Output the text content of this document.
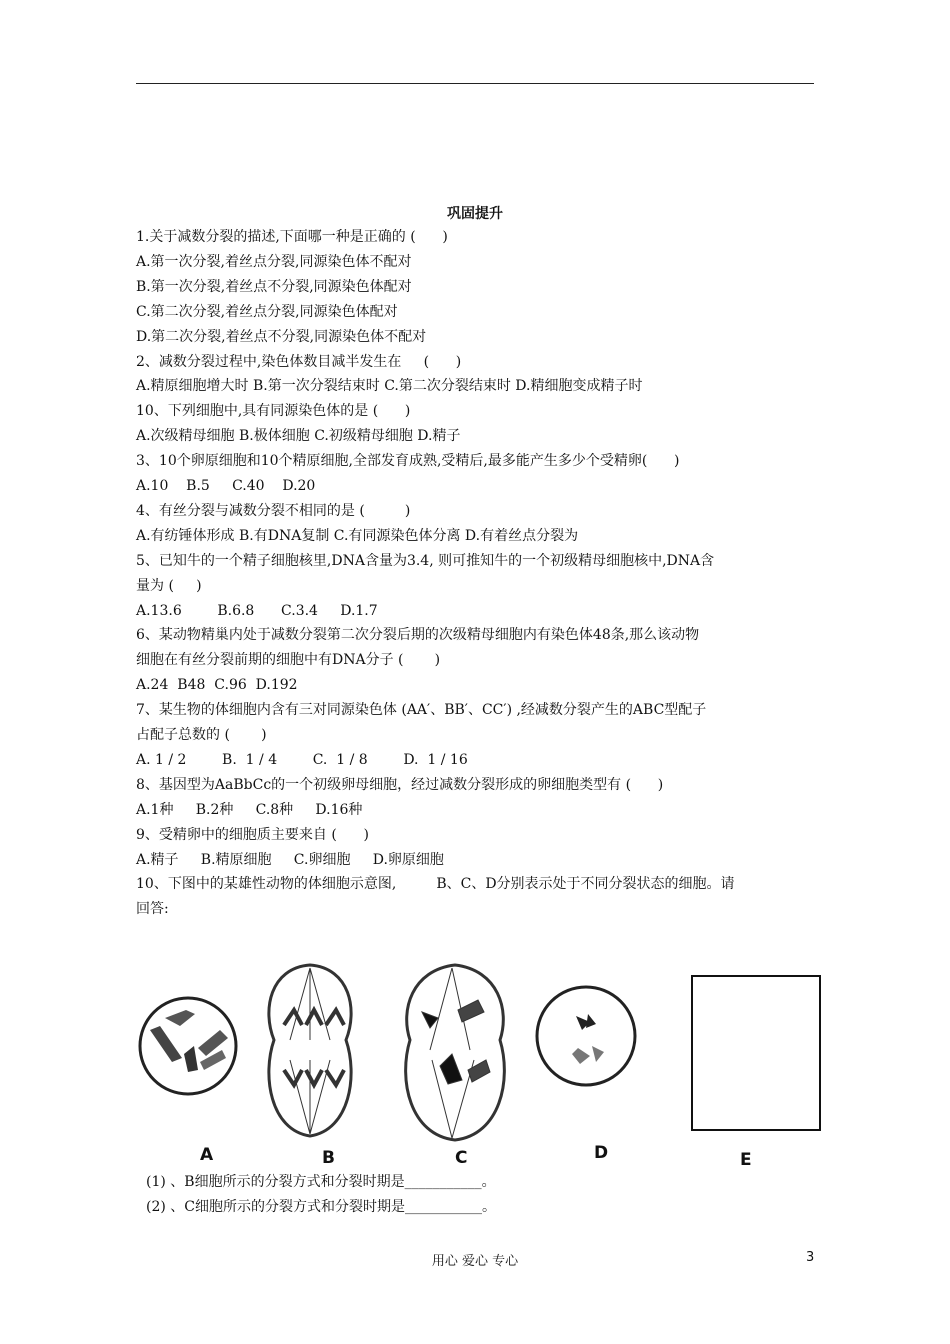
巩固提升
1.关于减数分裂的描述,下面哪一种是正确的 (      )
A.第一次分裂,着丝点分裂,同源染色体不配对
B.第一次分裂,着丝点不分裂,同源染色体配对
C.第二次分裂,着丝点分裂,同源染色体配对
D.第二次分裂,着丝点不分裂,同源染色体不配对
2、减数分裂过程中,染色体数目减半发生在     (      )
A.精原细胞增大时 B.第一次分裂结束时 C.第二次分裂结束时 D.精细胞变成精子时
10、下列细胞中,具有同源染色体的是 (      )
A.次级精母细胞 B.极体细胞 C.初级精母细胞 D.精子
3、10个卵原细胞和10个精原细胞,全部发育成熟,受精后,最多能产生多少个受精卵(      )
A.10    B.5     C.40    D.20
4、有丝分裂与减数分裂不相同的是 (         )
A.有纺锤体形成 B.有DNA复制 C.有同源染色体分离 D.有着丝点分裂为
5、已知牛的一个精子细胞核里,DNA含量为3.4, 则可推知牛的一个初级精母细胞核中,DNA含
量为 (     )
A.13.6        B.6.8      C.3.4     D.1.7
6、某动物精巢内处于减数分裂第二次分裂后期的次级精母细胞内有染色体48条,那么该动物
细胞在有丝分裂前期的细胞中有DNA分子 (       )
A.24  B48  C.96  D.192
7、某生物的体细胞内含有三对同源染色体 (AA′、BB′、CC′) ,经减数分裂产生的ABC型配子
占配子总数的 (       )
A. 1 / 2        B.  1 / 4        C.  1 / 8        D.  1 / 16
8、基因型为AaBbCc的一个初级卵母细胞，经过减数分裂形成的卵细胞类型有 (      )
A.1种     B.2种     C.8种     D.16种
9、受精卵中的细胞质主要来自 (      )
A.精子     B.精原细胞     C.卵细胞     D.卵原细胞
10、下图中的某雄性动物的体细胞示意图,         B、C、D分别表示处于不同分裂状态的细胞。请
回答:
A	B	C	D	E
(1) 、B细胞所示的分裂方式和分裂时期是___________。
(2) 、C细胞所示的分裂方式和分裂时期是___________。
用心 爱心 专心	3
